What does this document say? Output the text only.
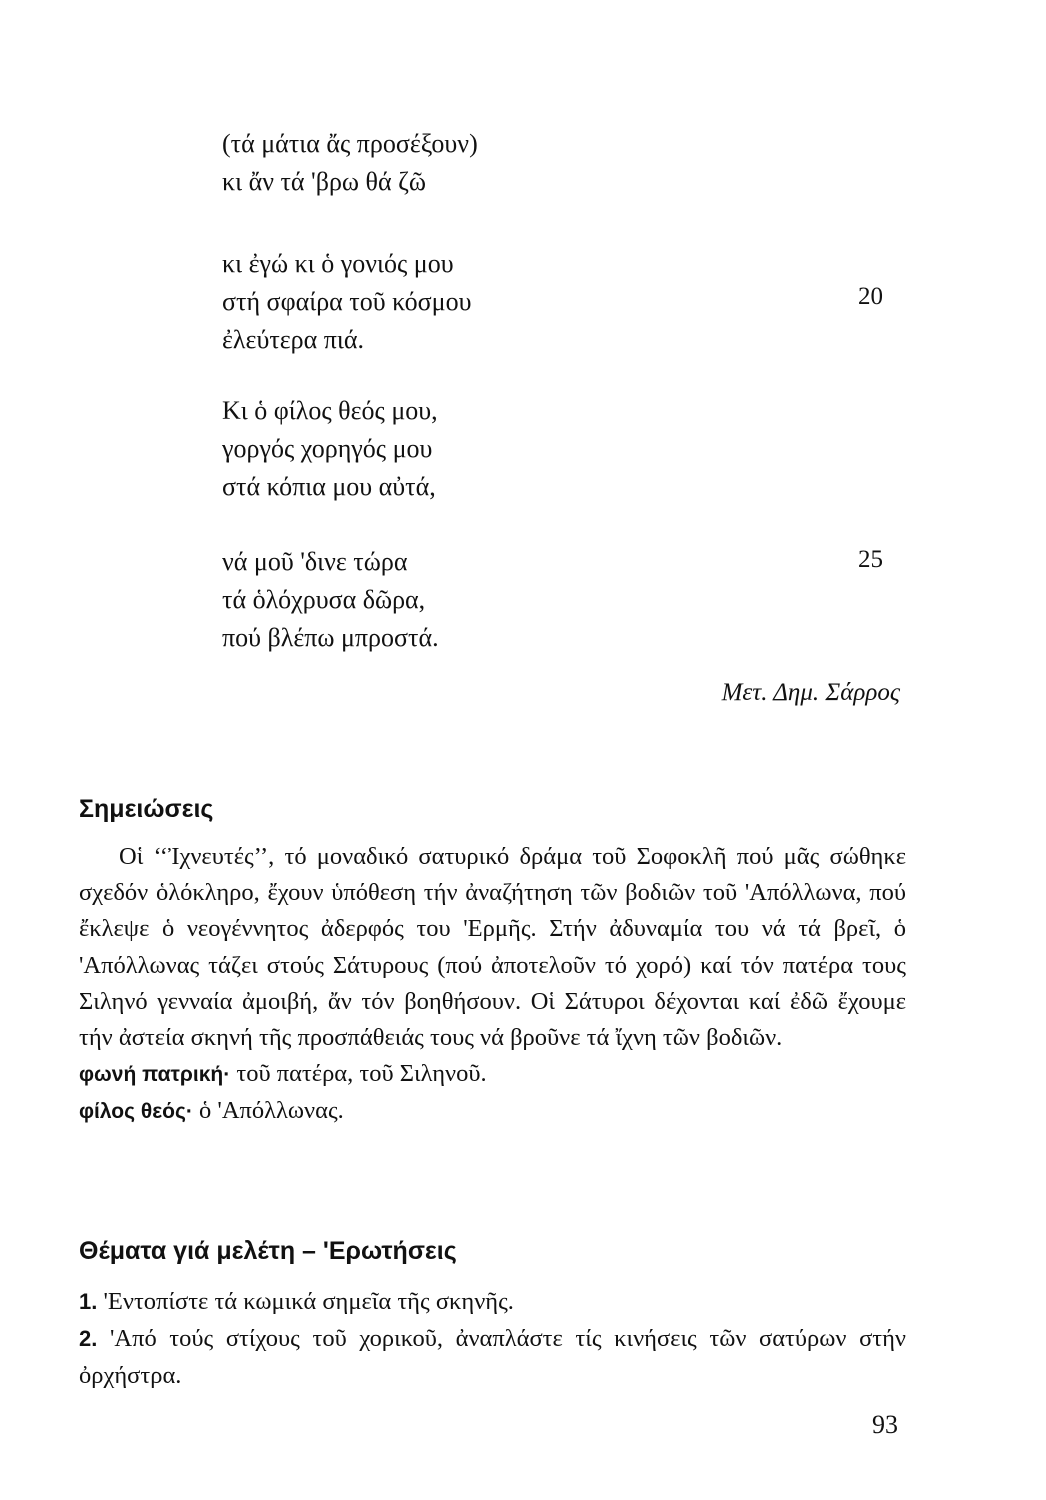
(τά μάτια ἄς προσέξουν)
κι ἄν τά 'βρω θά ζῶ
κι ἐγώ κι ὁ γονιός μου
στή σφαίρα τοῦ κόσμου
ἐλεύτερα πιά.
Κι ὁ φίλος θεός μου,
γοργός χορηγός μου
στά κόπια μου αὐτά,
νά μοῦ 'δινε τώρα
τά ὁλόχρυσα δῶρα,
πού βλέπω μπροστά.
20
25
Μετ. Δημ. Σάρρος
Σημειώσεις

Οἱ ‘‘Ἰχνευτές’’, τό μοναδικό σατυρικό δράμα τοῦ Σοφοκλῆ πού μᾶς σώθηκε σχεδόν ὁλόκληρο, ἔχουν ὑπόθεση τήν ἀναζήτηση τῶν βοδιῶν τοῦ 'Απόλλωνα, πού ἔκλεψε ὁ νεογέννητος ἀδερφός του 'Ερμῆς. Στήν ἀδυναμία του νά τά βρεῖ, ὁ 'Απόλλωνας τάζει στούς Σάτυρους (πού ἀποτελοῦν τό χορό) καί τόν πατέρα τους Σιληνό γενναία ἀμοιβή, ἄν τόν βοηθήσουν. Οἱ Σάτυροι δέχονται καί ἐδῶ ἔχουμε τήν ἀστεία σκηνή τῆς προσπάθειάς τους νά βροῦνε τά ἴχνη τῶν βοδιῶν.

φωνή πατρική· τοῦ πατέρα, τοῦ Σιληνοῦ.
φίλος θεός· ὁ 'Απόλλωνας.
Θέματα γιά μελέτη – 'Ερωτήσεις
1. 'Εντοπίστε τά κωμικά σημεῖα τῆς σκηνῆς.
2. 'Από τούς στίχους τοῦ χορικοῦ, ἀναπλάστε τίς κινήσεις τῶν σατύρων στήν ὀρχήστρα.
93
